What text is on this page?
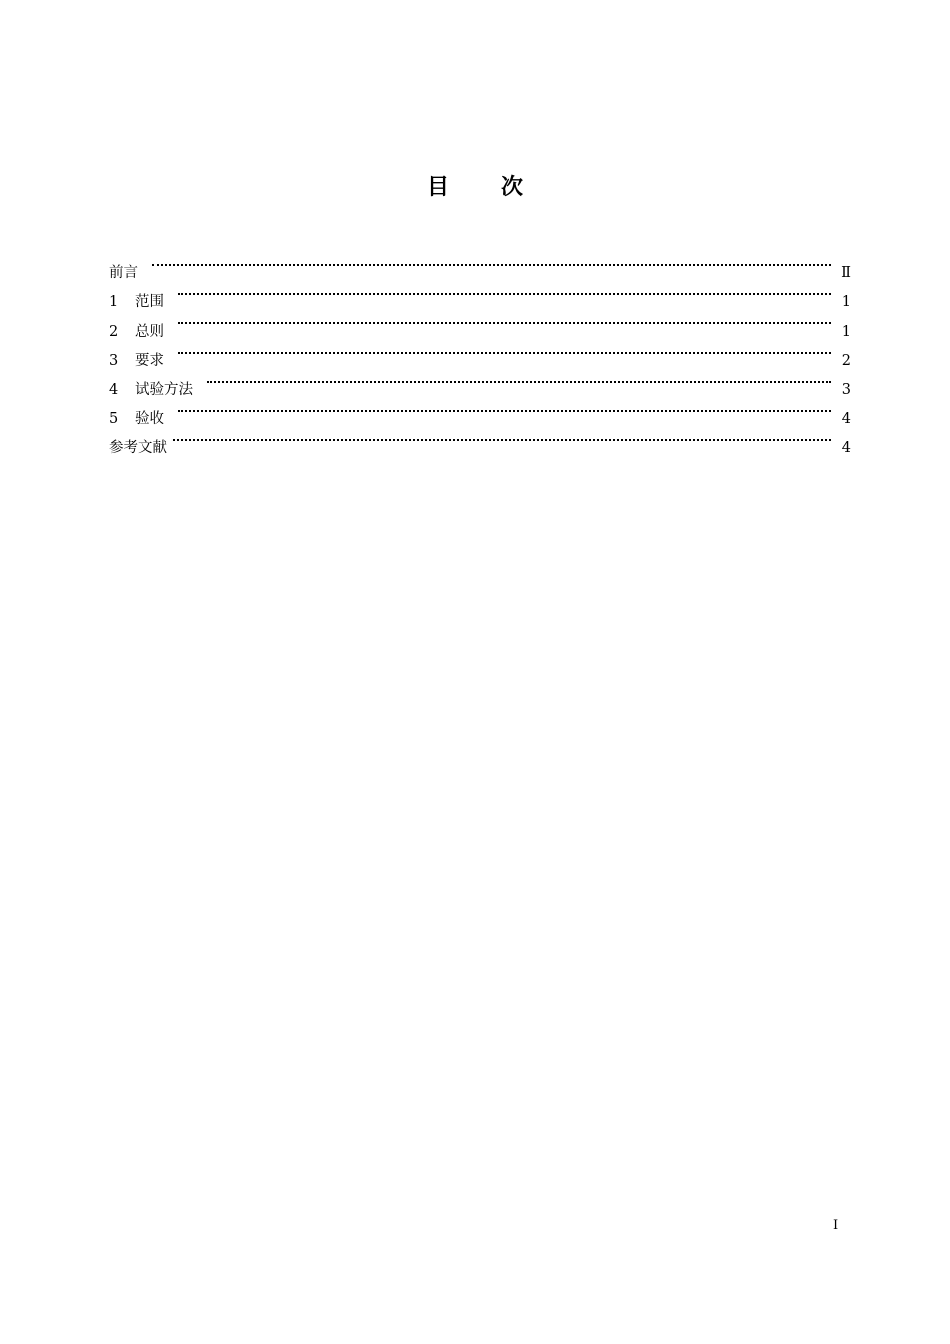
目 次
前言	Ⅱ
1	范围	1
2	总则	1
3	要求	2
4	试验方法	3
5	验收	4
参考文献	4
I
